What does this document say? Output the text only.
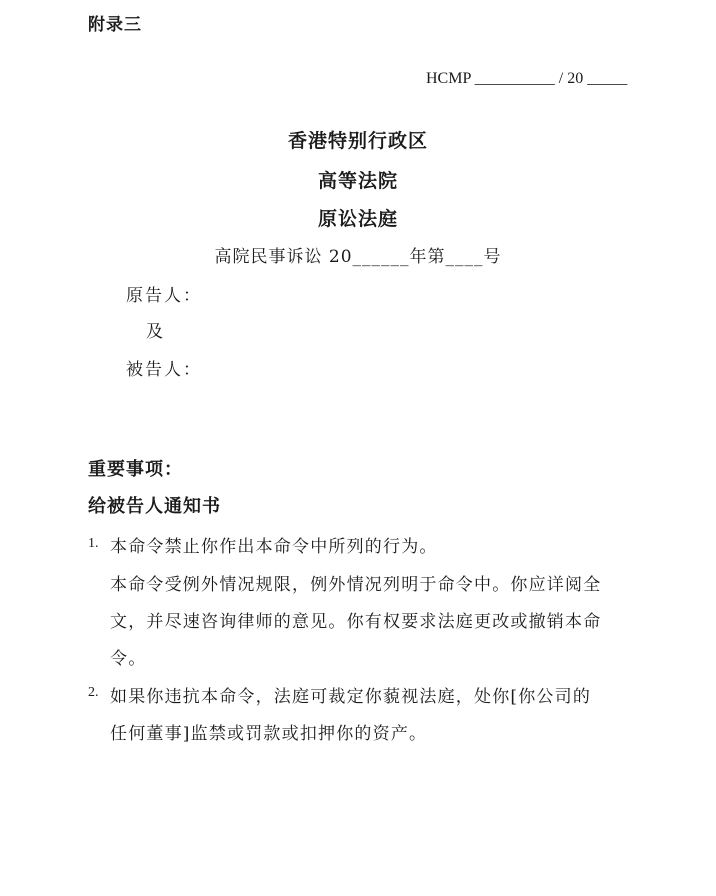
附录三
HCMP __________ / 20 _____
香港特别行政区
高等法院
原讼法庭
高院民事诉讼 20______年第____号
原告人：
及
被告人：
重要事项：
给被告人通知书
1. 本命令禁止你作出本命令中所列的行为。
本命令受例外情况规限，例外情况列明于命令中。你应详阅全
文，并尽速咨询律师的意见。你有权要求法庭更改或撤销本命
令。
2. 如果你违抗本命令，法庭可裁定你藐视法庭，处你[你公司的
任何董事]监禁或罚款或扣押你的资产。
